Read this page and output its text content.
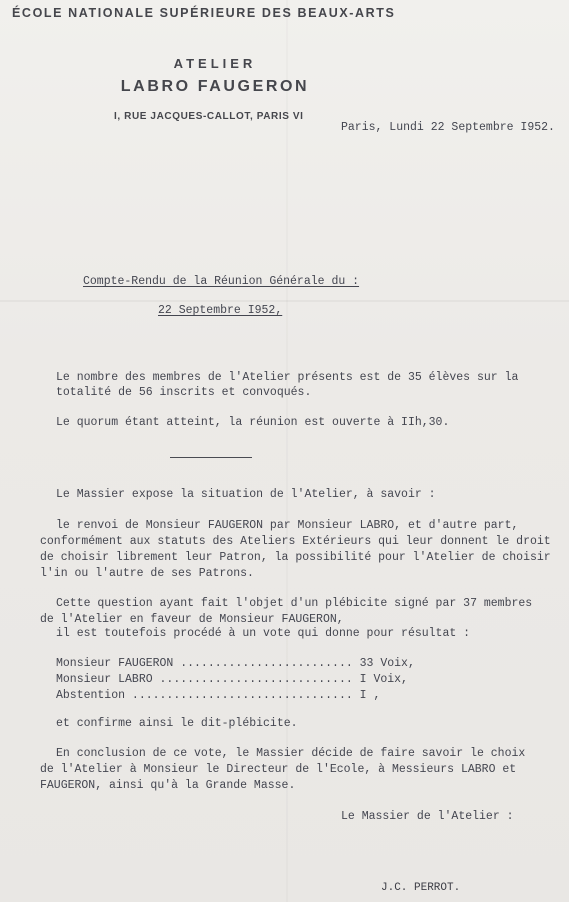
ÉCOLE NATIONALE SUPÉRIEURE DES BEAUX-ARTS
ATELIER
LABRO FAUGERON
I, RUE JACQUES-CALLOT, PARIS VI
Paris, Lundi 22 Septembre I952.
Compte-Rendu de la Réunion Générale du :
22 Septembre I952,
Le nombre des membres de l'Atelier présents est de 35 élèves sur la
totalité de 56 inscrits et convoqués.
Le quorum étant atteint, la réunion est ouverte à IIh,30.
Le Massier expose la situation de l'Atelier, à savoir :
le renvoi de Monsieur FAUGERON par Monsieur LABRO, et d'autre part,
conformément aux statuts des Ateliers Extérieurs qui leur donnent le droit
de choisir librement leur Patron, la possibilité pour l'Atelier de choisir
l'in ou l'autre de ses Patrons.
Cette question ayant fait l'objet d'un plébicite signé par 37 membres
de l'Atelier en faveur de Monsieur FAUGERON,
il est toutefois procédé à un vote qui donne pour résultat :
Monsieur FAUGERON ......................... 33 Voix,
Monsieur LABRO ............................ I Voix,
Abstention ................................ I ,
et confirme ainsi le dit-plébicite.
En conclusion de ce vote, le Massier décide de faire savoir le choix
de l'Atelier à Monsieur le Directeur de l'Ecole, à Messieurs LABRO et
FAUGERON, ainsi qu'à la Grande Masse.
Le Massier de l'Atelier :
J.C. PERROT.
